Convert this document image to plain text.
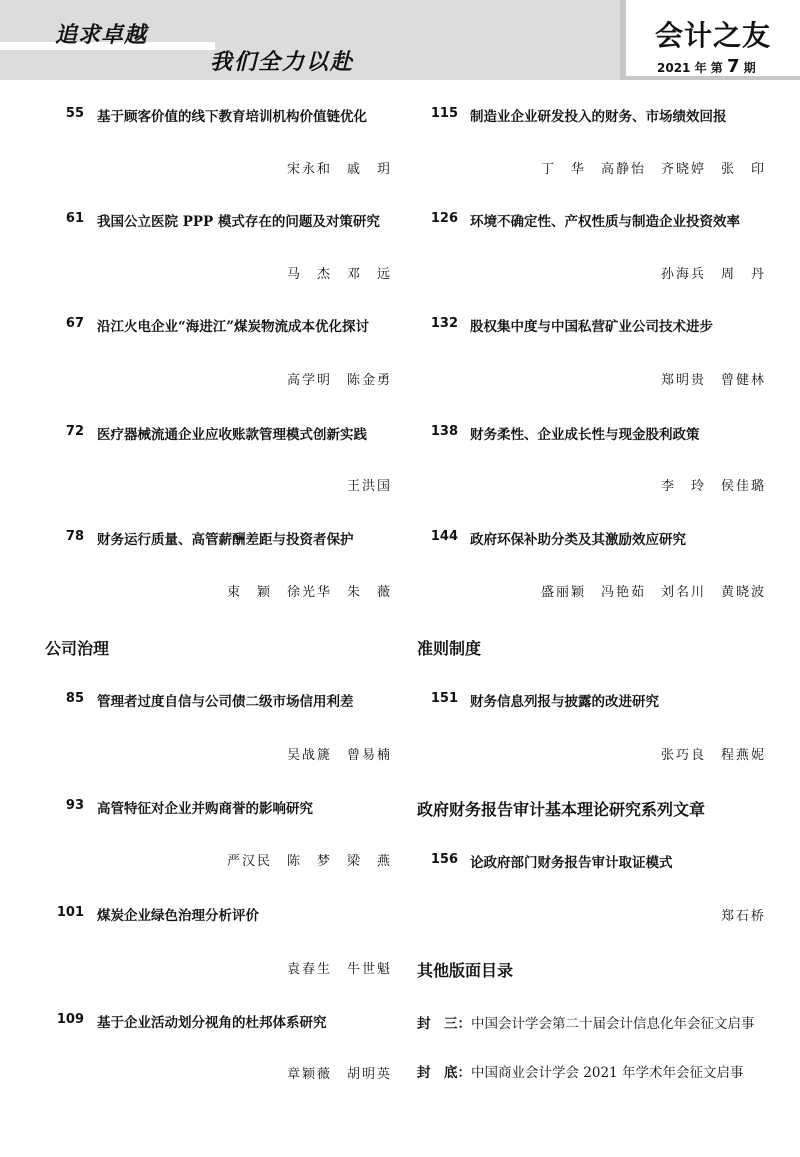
追求卓越
我们全力以赴
会计之友
2021 年 第 7 期
55 基于顾客价值的线下教育培训机构价值链优化
宋永和　戚　玥
61 我国公立医院 PPP 模式存在的问题及对策研究
马　杰　邓　远
67 沿江火电企业“海进江”煤炭物流成本优化探讨
高学明　陈金勇
72 医疗器械流通企业应收账款管理模式创新实践
王洪国
78 财务运行质量、高管薪酬差距与投资者保护
束　颖　徐光华　朱　薇
公司治理
85 管理者过度自信与公司债二级市场信用利差
吴战篪　曾易楠
93 高管特征对企业并购商誉的影响研究
严汉民　陈　梦　梁　燕
101 煤炭企业绿色治理分析评价
袁春生　牛世魁
109 基于企业活动划分视角的杜邦体系研究
章颖薇　胡明英
115 制造业企业研发投入的财务、市场绩效回报
丁　华　高静怡　齐晓婷　张　印
126 环境不确定性、产权性质与制造企业投资效率
孙海兵　周　丹
132 股权集中度与中国私营矿业公司技术进步
郑明贵　曾健林
138 财务柔性、企业成长性与现金股利政策
李　玲　侯佳璐
144 政府环保补助分类及其激励效应研究
盛丽颖　冯艳茹　刘名川　黄晓波
准则制度
151 财务信息列报与披露的改进研究
张巧良　程燕妮
政府财务报告审计基本理论研究系列文章
156 论政府部门财务报告审计取证模式
郑石桥
其他版面目录
封　三：中国会计学会第二十届会计信息化年会征文启事
封　底：中国商业会计学会 2021 年学术年会征文启事
